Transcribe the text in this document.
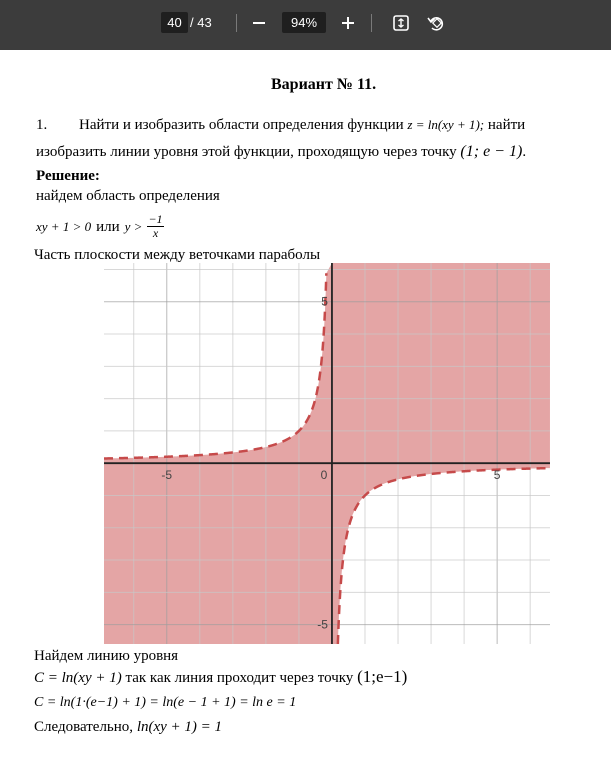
40 /
43	94%
Вариант № 11.
1. Найти и изобразить области определения функции z = ln(xy + 1); найти
изобразить линии уровня этой функции, проходящую через точку (1; e − 1).
Решение:
найдем область определения
xy + 1 > 0 или $y > \frac{-1}{x}$
Часть плоскости между веточками параболы
Найдем линию уровня
C = ln(xy + 1) так как линия проходит через точку (1;e−1)
C = ln(1·(e−1) + 1) = ln(e − 1 + 1) = ln e = 1
Следовательно, ln(xy + 1) = 1
-5	0	5
5
-5
